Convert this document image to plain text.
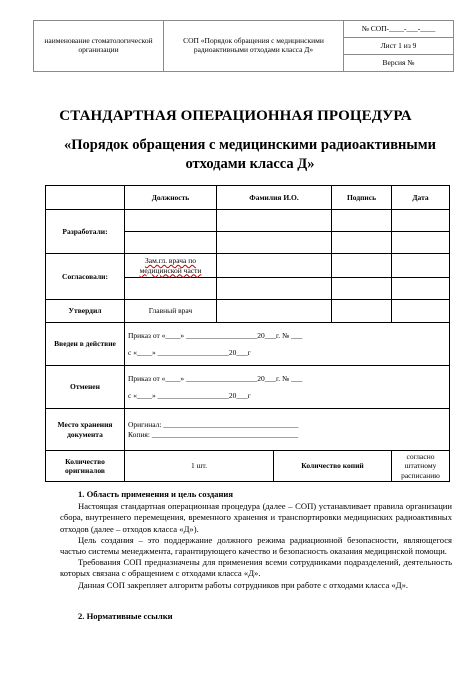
наименование стоматологической организации	СОП «Порядок обращения с медицинскими радиоактивными отходами класса Д»	№ СОП-____-___-____
Лист 1 из 9
Версия №
СТАНДАРТНАЯ ОПЕРАЦИОННАЯ ПРОЦЕДУРА
«Порядок обращения с медицинскими радиоактивными отходами класса Д»
	Должность	Фамилия И.О.		Подпись	Дата
Разработали:					

Согласовали:	Зам.гл. врача по медицинской части				

Утвердил	Главный врач				
Введен в действие	Приказ от «____» ___________________20___г. № ___
с «____» ___________________20___г				

Отменен	Приказ от «____» ___________________20___г. № ___
с «____» ___________________20___г				

Место хранения документа	Оригинал: ____________________________________
Копия: _______________________________________				

Количество оригиналов	1 шт.		Количество копий		согласно штатному расписанию
1. Область применения и цель создания

Настоящая стандартная операционная процедура (далее – СОП) устанавливает правила организации сбора, внутреннего перемещения, временного хранения и транспортировки медицинских радиоактивных отходов (далее – отходов класса «Д»).

Цель создания – это поддержание должного режима радиационной безопасности, являющегося частью системы менеджмента, гарантирующего качество и безопасность оказания медицинской помощи.

Требования СОП предназначены для применения всеми сотрудниками подразделений, деятельность которых связана с обращением с отходами класса «Д».

Данная СОП закрепляет алгоритм работы сотрудников при работе с отходами класса «Д».

2. Нормативные ссылки
